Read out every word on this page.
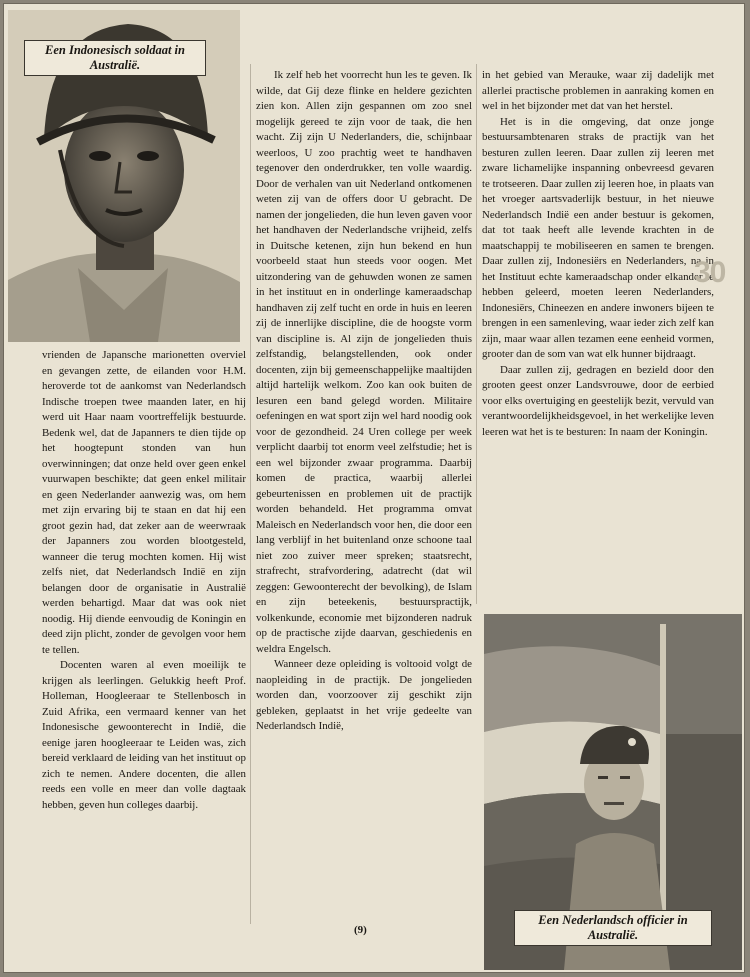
Een Indonesisch soldaat in Australië.
Een Nederlandsch officier in Australië.

vrienden de Japansche marionetten overviel en gevangen zette, de eilanden voor H.M. heroverde tot de aankomst van Nederlandsch Indische troepen twee maanden later, en hij werd uit Haar naam voortreffelijk bestuurde. Bedenk wel, dat de Japanners te dien tijde op het hoogtepunt stonden van hun overwinningen; dat onze held over geen enkel vuurwapen beschikte; dat geen enkel militair en geen Nederlander aanwezig was, om hem met zijn ervaring bij te staan en dat hij een groot gezin had, dat zeker aan de weerwraak der Japanners zou worden blootgesteld, wanneer die terug mochten komen. Hij wist zelfs niet, dat Nederlandsch Indië en zijn belangen door de organisatie in Australië werden behartigd. Maar dat was ook niet noodig. Hij diende eenvoudig de Koningin en deed zijn plicht, zonder de gevolgen voor hem te tellen.

Docenten waren al even moeilijk te krijgen als leerlingen. Gelukkig heeft Prof. Holleman, Hoogleeraar te Stellenbosch in Zuid Afrika, een vermaard kenner van het Indonesische gewoonterecht in Indië, die eenige jaren hoogleeraar te Leiden was, zich bereid verklaard de leiding van het instituut op zich te nemen. Andere docenten, die allen reeds een volle en meer dan volle dagtaak hebben, geven hun colleges daarbij.

Ik zelf heb het voorrecht hun les te geven. Ik wilde, dat Gij deze flinke en heldere gezichten zien kon. Allen zijn gespannen om zoo snel mogelijk gereed te zijn voor de taak, die hen wacht. Zij zijn U Nederlanders, die, schijnbaar weerloos, U zoo prachtig weet te handhaven tegenover den onderdrukker, ten volle waardig. Door de verhalen van uit Nederland ontkomenen weten zij van de offers door U gebracht. De namen der jongelieden, die hun leven gaven voor het handhaven der Nederlandsche vrijheid, zelfs in Duitsche ketenen, zijn hun bekend en hun voorbeeld staat hun steeds voor oogen. Met uitzondering van de gehuwden wonen ze samen in het instituut en in onderlinge kameraadschap handhaven zij zelf tucht en orde in huis en leeren zij de innerlijke discipline, die de hoogste vorm van discipline is. Al zijn de jongelieden thuis zelfstandig, belangstellenden, ook onder docenten, zijn bij gemeenschappelijke maaltijden altijd hartelijk welkom. Zoo kan ook buiten de lesuren een band gelegd worden. Militaire oefeningen en wat sport zijn wel hard noodig ook voor de gezondheid. 24 Uren college per week verplicht daarbij tot enorm veel zelfstudie; het is een wel bijzonder zwaar programma. Daarbij komen de practica, waarbij allerlei gebeurtenissen en problemen uit de practijk worden behandeld. Het programma omvat Maleisch en Nederlandsch voor hen, die door een lang verblijf in het buitenland onze schoone taal niet zoo zuiver meer spreken; staatsrecht, strafrecht, strafvordering, adatrecht (dat wil zeggen: Gewoonterecht der bevolking), de Islam en zijn beteekenis, bestuurspractijk, volkenkunde, economie met bijzonderen nadruk op de practische zijde daarvan, geschiedenis en weldra Engelsch.

Wanneer deze opleiding is voltooid volgt de naopleiding in de practijk. De jongelieden worden dan, voorzoover zij geschikt zijn gebleken, geplaatst in het vrije gedeelte van Nederlandsch Indië,

in het gebied van Merauke, waar zij dadelijk met allerlei practische problemen in aanraking komen en wel in het bijzonder met dat van het herstel.

Het is in die omgeving, dat onze jonge bestuursambtenaren straks de practijk van het besturen zullen leeren. Daar zullen zij leeren met zware lichamelijke inspanning onbevreesd gevaren te trotseeren. Daar zullen zij leeren hoe, in plaats van het vroeger aartsvaderlijk bestuur, in het nieuwe Nederlandsch Indië een ander bestuur is gekomen, dat tot taak heeft alle levende krachten in de maatschappij te mobiliseeren en samen te brengen. Daar zullen zij, Indonesiërs en Nederlanders, na in het Instituut echte kameraadschap onder elkander te hebben geleerd, moeten leeren Nederlanders, Indonesiërs, Chineezen en andere inwoners bijeen te brengen in een samenleving, waar ieder zich zelf kan zijn, maar waar allen tezamen eene eenheid vormen, grooter dan de som van wat elk hunner bijdraagt.

Daar zullen zij, gedragen en bezield door den grooten geest onzer Landsvrouwe, door de eerbied voor elks overtuiging en geestelijk bezit, vervuld van verantwoordelijkheidsgevoel, in het werkelijke leven leeren wat het is te besturen: In naam der Koningin.

(9)
30
